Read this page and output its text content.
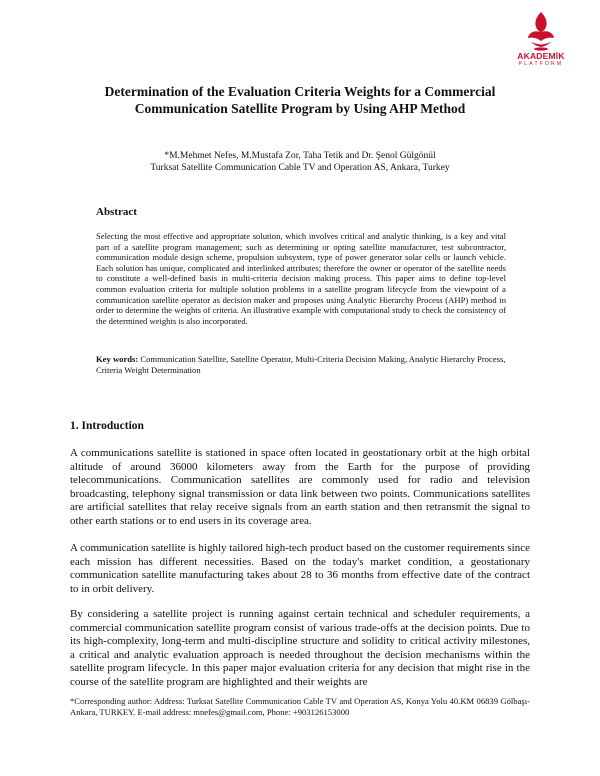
AKADEMİK
PLATFORM
Determination of the Evaluation Criteria Weights for a Commercial Communication Satellite Program by Using AHP Method
*M.Mehmet Nefes, M.Mustafa Zor, Taha Tetik and Dr. Şenol Gülgönül
Turksat Satellite Communication Cable TV and Operation AS, Ankara, Turkey
Abstract

Selecting the most effective and appropriate solution, which involves critical and analytic thinking, is a key and vital part of a satellite program management; such as determining or opting satellite manufacturer, test subcontractor, communication module design scheme, propulsion subsystem, type of power generator solar cells or launch vehicle. Each solution has unique, complicated and interlinked attributes; therefore the owner or operator of the satellite needs to constitute a well-defined basis in multi-criteria decision making process. This paper aims to define top-level common evaluation criteria for multiple solution problems in a satellite program lifecycle from the viewpoint of a communication satellite operator as decision maker and proposes using Analytic Hierarchy Process (AHP) method in order to determine the weights of criteria. An illustrative example with computational study to check the consistency of the determined weights is also incorporated.

Key words: Communication Satellite, Satellite Operator, Multi-Criteria Decision Making, Analytic Hierarchy Process, Criteria Weight Determination

1. Introduction

A communications satellite is stationed in space often located in geostationary orbit at the high orbital altitude of around 36000 kilometers away from the Earth for the purpose of providing telecommunications. Communication satellites are commonly used for radio and television broadcasting, telephony signal transmission or data link between two points. Communications satellites are artificial satellites that relay receive signals from an earth station and then retransmit the signal to other earth stations or to end users in its coverage area.

A communication satellite is highly tailored high-tech product based on the customer requirements since each mission has different necessities. Based on the today's market condition, a geostationary communication satellite manufacturing takes about 28 to 36 months from effective date of the contract to in orbit delivery.

By considering a satellite project is running against certain technical and scheduler requirements, a commercial communication satellite program consist of various trade-offs at the decision points. Due to its high-complexity, long-term and multi-discipline structure and solidity to critical activity milestones, a critical and analytic evaluation approach is needed throughout the decision mechanisms within the satellite program lifecycle. In this paper major evaluation criteria for any decision that might rise in the course of the satellite program are highlighted and their weights are

*Corresponding author: Address: Turksat Satellite Communication Cable TV and Operation AS, Konya Yolu 40.KM 06839 Gölbaşı-Ankara, TURKEY. E-mail address: mnefes@gmail.com, Phone: +903126153000
